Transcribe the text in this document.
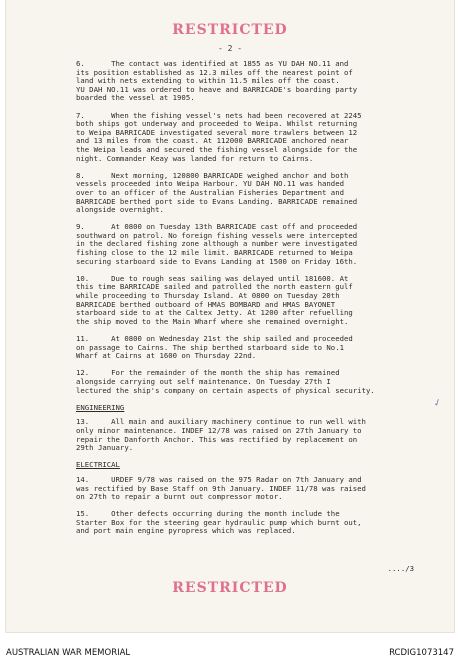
RESTRICTED
- 2 -

6.      The contact was identified at 1855 as YU DAH NO.11 and
its position established as 12.3 miles off the nearest point of
land with nets extending to within 11.5 miles off the coast.
YU DAH NO.11 was ordered to heave and BARRICADE's boarding party
boarded the vessel at 1905.

7.      When the fishing vessel's nets had been recovered at 2245
both ships got underway and proceeded to Weipa. Whilst returning
to Weipa BARRICADE investigated several more trawlers between 12
and 13 miles from the coast. At 112000 BARRICADE anchored near
the Weipa leads and secured the fishing vessel alongside for the
night. Commander Keay was landed for return to Cairns.

8.      Next morning, 120800 BARRICADE weighed anchor and both
vessels proceeded into Weipa Harbour. YU DAH NO.11 was handed
over to an officer of the Australian Fisheries Department and
BARRICADE berthed port side to Evans Landing. BARRICADE remained
alongside overnight.

9.      At 0800 on Tuesday 13th BARRICADE cast off and proceeded
southward on patrol. No foreign fishing vessels were intercepted
in the declared fishing zone although a number were investigated
fishing close to the 12 mile limit. BARRICADE returned to Weipa
securing starboard side to Evans Landing at 1500 on Friday 16th.

10.     Due to rough seas sailing was delayed until 181600. At
this time BARRICADE sailed and patrolled the north eastern gulf
while proceeding to Thursday Island. At 0800 on Tuesday 20th
BARRICADE berthed outboard of HMAS BOMBARD and HMAS BAYONET
starboard side to at the Caltex Jetty. At 1200 after refuelling
the ship moved to the Main Wharf where she remained overnight.

11.     At 0800 on Wednesday 21st the ship sailed and proceeded
on passage to Cairns. The ship berthed starboard side to No.1
Wharf at Cairns at 1600 on Thursday 22nd.

12.     For the remainder of the month the ship has remained
alongside carrying out self maintenance. On Tuesday 27th I
lectured the ship's company on certain aspects of physical security.

ENGINEERING

13.     All main and auxiliary machinery continue to run well with
only minor maintenance. INDEF 12/78 was raised on 27th January to
repair the Danforth Anchor. This was rectified by replacement on
29th January.

ELECTRICAL

14.     URDEF 9/78 was raised on the 975 Radar on 7th January and
was rectified by Base Staff on 9th January. INDEF 11/78 was raised
on 27th to repair a burnt out compressor motor.

15.     Other defects occurring during the month include the
Starter Box for the steering gear hydraulic pump which burnt out,
and port main engine pyropress which was replaced.

✓
..../3
RESTRICTED
AUSTRALIAN WAR MEMORIAL	RCDIG1073147
